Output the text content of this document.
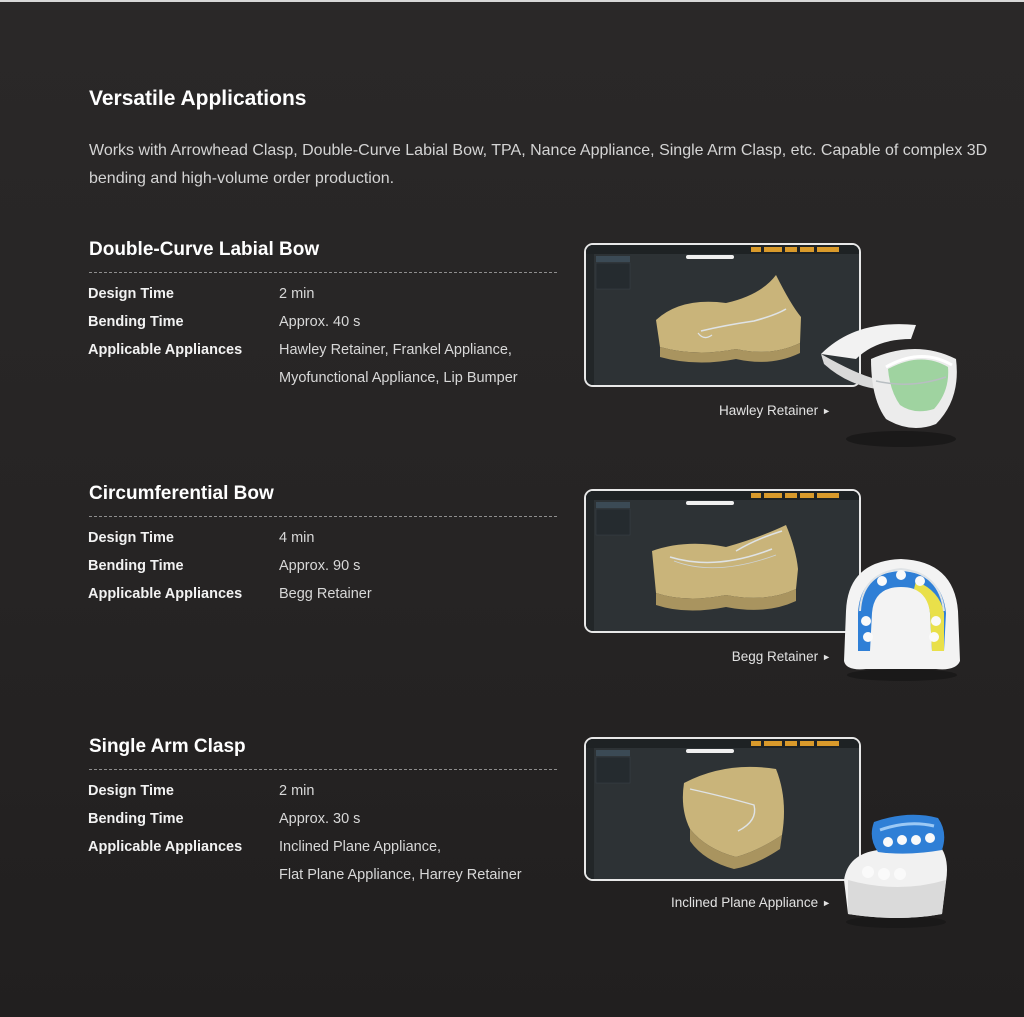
Versatile Applications

Works with Arrowhead Clasp, Double-Curve Labial Bow, TPA, Nance Appliance, Single Arm Clasp, etc. Capable of complex 3D bending and high-volume order production.

Double-Curve Labial Bow
Design Time	2 min
Bending Time	Approx. 40 s
Applicable Appliances	Hawley Retainer, Frankel Appliance,
Myofunctional Appliance, Lip Bumper
Hawley Retainer ►
Circumferential Bow
Design Time	4 min
Bending Time	Approx. 90 s
Applicable Appliances	Begg Retainer
Begg Retainer ►
Single Arm Clasp
Design Time	2 min
Bending Time	Approx. 30 s
Applicable Appliances	Inclined Plane Appliance,
Flat Plane Appliance, Harrey Retainer
Inclined Plane Appliance ►
